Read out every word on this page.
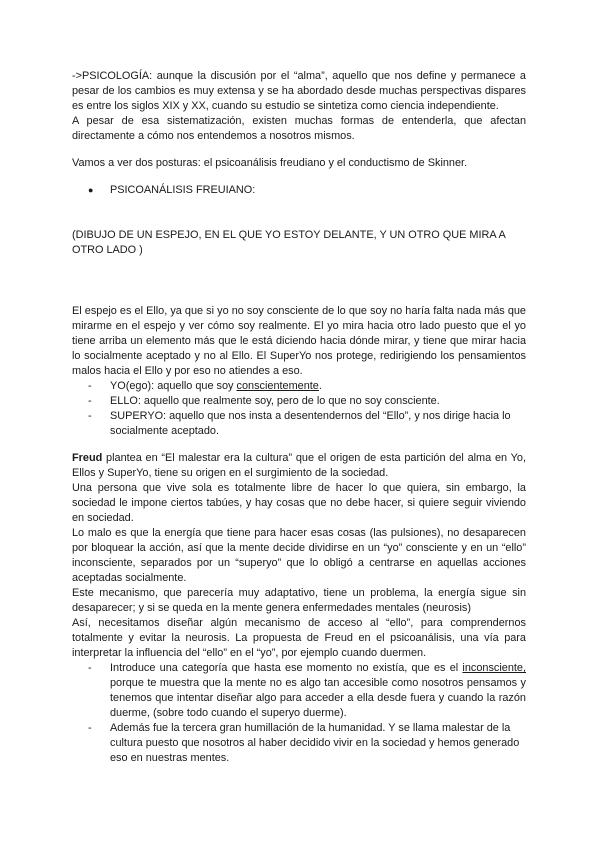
->PSICOLOGÍA: aunque la discusión por el “alma”, aquello que nos define y permanece a pesar de los cambios es muy extensa y se ha abordado desde muchas perspectivas dispares es entre los siglos XIX y XX, cuando su estudio se sintetiza como ciencia independiente.

A pesar de esa sistematización, existen muchas formas de entenderla, que afectan directamente a cómo nos entendemos a nosotros mismos.

Vamos a ver dos posturas: el psicoanálisis freudiano y el conductismo de Skinner.

●	PSICOANÁLISIS FREUIANO:

(DIBUJO DE UN ESPEJO, EN EL QUE YO ESTOY DELANTE, Y UN OTRO QUE MIRA A OTRO LADO )

El espejo es el Ello, ya que si yo no soy consciente de lo que soy no haría falta nada más que mirarme en el espejo y ver cómo soy realmente. El yo mira hacia otro lado puesto que el yo tiene arriba un elemento más que le está diciendo hacia dónde mirar, y tiene que mirar hacia lo socialmente aceptado y no al Ello. El SuperYo nos protege, redirigiendo los pensamientos malos hacia el Ello y por eso no atiendes a eso.

-	YO(ego): aquello que soy conscientemente.
-	ELLO: aquello que realmente soy, pero de lo que no soy consciente.
-	SUPERYO: aquello que nos insta a desentendernos del “Ello”, y nos dirige hacia lo socialmente aceptado.

Freud plantea en “El malestar era la cultura” que el origen de esta partición del alma en Yo, Ellos y SuperYo, tiene su origen en el surgimiento de la sociedad.

Una persona que vive sola es totalmente libre de hacer lo que quiera, sin embargo, la sociedad le impone ciertos tabúes, y hay cosas que no debe hacer, si quiere seguir viviendo en sociedad.

Lo malo es que la energía que tiene para hacer esas cosas (las pulsiones), no desaparecen por bloquear la acción, así que la mente decide dividirse en un “yo” consciente y en un “ello” inconsciente, separados por un “superyo” que lo obligó a centrarse en aquellas acciones aceptadas socialmente.

Este mecanismo, que parecería muy adaptativo, tiene un problema, la energía sigue sin desaparecer; y si se queda en la mente genera enfermedades mentales (neurosis)

Así, necesitamos diseñar algún mecanismo de acceso al “ello”, para comprendernos totalmente y evitar la neurosis. La propuesta de Freud en el psicoanálisis, una vía para interpretar la influencia del “ello” en el “yo”, por ejemplo cuando duermen.

-	Introduce una categoría que hasta ese momento no existía, que es el inconsciente, porque te muestra que la mente no es algo tan accesible como nosotros pensamos y tenemos que intentar diseñar algo para acceder a ella desde fuera y cuando la razón duerme, (sobre todo cuando el superyo duerme).
-	Además fue la tercera gran humillación de la humanidad. Y se llama malestar de la cultura puesto que nosotros al haber decidido vivir en la sociedad y hemos generado eso en nuestras mentes.
